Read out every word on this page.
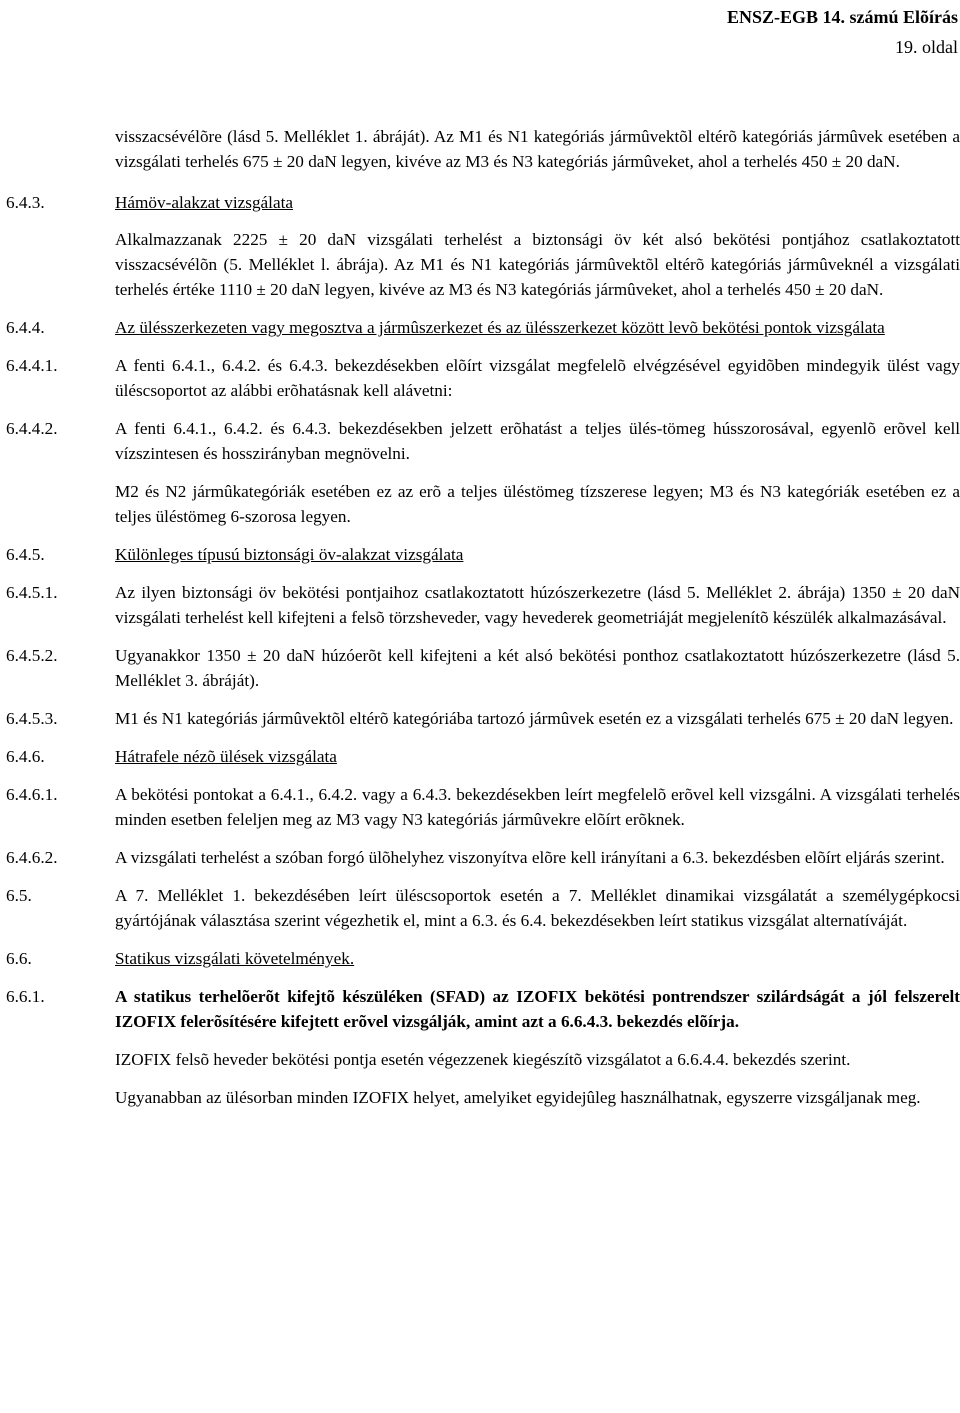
ENSZ-EGB 14. számú Elõírás
19. oldal
visszacsévélõre (lásd 5. Melléklet 1. ábráját). Az M1 és N1 kategóriás jármûvektõl eltérõ kategóriás jármûvek esetében a vizsgálati terhelés 675 ± 20 daN legyen, kivéve az M3 és N3 kategóriás jármûveket, ahol a terhelés 450 ± 20 daN.
6.4.3.	Hámöv-alakzat vizsgálata
Alkalmazzanak 2225 ± 20 daN vizsgálati terhelést a biztonsági öv két alsó bekötési pontjához csatlakoztatott visszacsévélõn (5. Melléklet l. ábrája). Az M1 és N1 kategóriás jármûvektõl eltérõ kategóriás jármûveknél a vizsgálati terhelés értéke 1110 ± 20 daN legyen, kivéve az M3 és N3 kategóriás jármûveket, ahol a terhelés 450 ± 20 daN.
6.4.4.	Az ülésszerkezeten vagy megosztva a jármûszerkezet és az ülésszerkezet között levõ bekötési pontok vizsgálata
6.4.4.1.	A fenti 6.4.1., 6.4.2. és 6.4.3. bekezdésekben elõírt vizsgálat megfelelõ elvégzésével egyidõben mindegyik ülést vagy üléscsoportot az alábbi erõhatásnak kell alávetni:
6.4.4.2.	A fenti 6.4.1., 6.4.2. és 6.4.3. bekezdésekben jelzett erõhatást a teljes ülés-tömeg hússzorosával, egyenlõ erõvel kell vízszintesen és hosszirányban megnövelni.
M2 és N2 jármûkategóriák esetében ez az erõ a teljes üléstömeg tízszerese legyen; M3 és N3 kategóriák esetében ez a teljes üléstömeg 6-szorosa legyen.
6.4.5.	Különleges típusú biztonsági öv-alakzat vizsgálata
6.4.5.1.	Az ilyen biztonsági öv bekötési pontjaihoz csatlakoztatott húzószerkezetre (lásd 5. Melléklet 2. ábrája) 1350 ± 20 daN vizsgálati terhelést kell kifejteni a felsõ törzsheveder, vagy hevederek geometriáját megjelenítõ készülék alkalmazásával.
6.4.5.2.	Ugyanakkor 1350 ± 20 daN húzóerõt kell kifejteni a két alsó bekötési ponthoz csatlakoztatott húzószerkezetre (lásd 5. Melléklet 3. ábráját).
6.4.5.3.	M1 és N1 kategóriás jármûvektõl eltérõ kategóriába tartozó jármûvek esetén ez a vizsgálati terhelés 675 ± 20 daN legyen.
6.4.6.	Hátrafele nézõ ülések vizsgálata
6.4.6.1.	A bekötési pontokat a 6.4.1., 6.4.2. vagy a 6.4.3. bekezdésekben leírt megfelelõ erõvel kell vizsgálni. A vizsgálati terhelés minden esetben feleljen meg az M3 vagy N3 kategóriás jármûvekre elõírt erõknek.
6.4.6.2.	A vizsgálati terhelést a szóban forgó ülõhelyhez viszonyítva elõre kell irányítani a 6.3. bekezdésben elõírt eljárás szerint.
6.5.	A 7. Melléklet 1. bekezdésében leírt üléscsoportok esetén a 7. Melléklet dinamikai vizsgálatát a személygépkocsi gyártójának választása szerint végezhetik el, mint a 6.3. és 6.4. bekezdésekben leírt statikus vizsgálat alternatíváját.
6.6.	Statikus vizsgálati követelmények.
6.6.1.	A statikus terhelõerõt kifejtõ készüléken (SFAD) az IZOFIX bekötési pontrendszer szilárdságát a jól felszerelt IZOFIX felerõsítésére kifejtett erõvel vizsgálják, amint azt a 6.6.4.3. bekezdés elõírja.
IZOFIX felsõ heveder bekötési pontja esetén végezzenek kiegészítõ vizsgálatot a 6.6.4.4. bekezdés szerint.
Ugyanabban az ülésorban minden IZOFIX helyet, amelyiket egyidejûleg használhatnak, egyszerre vizsgáljanak meg.
